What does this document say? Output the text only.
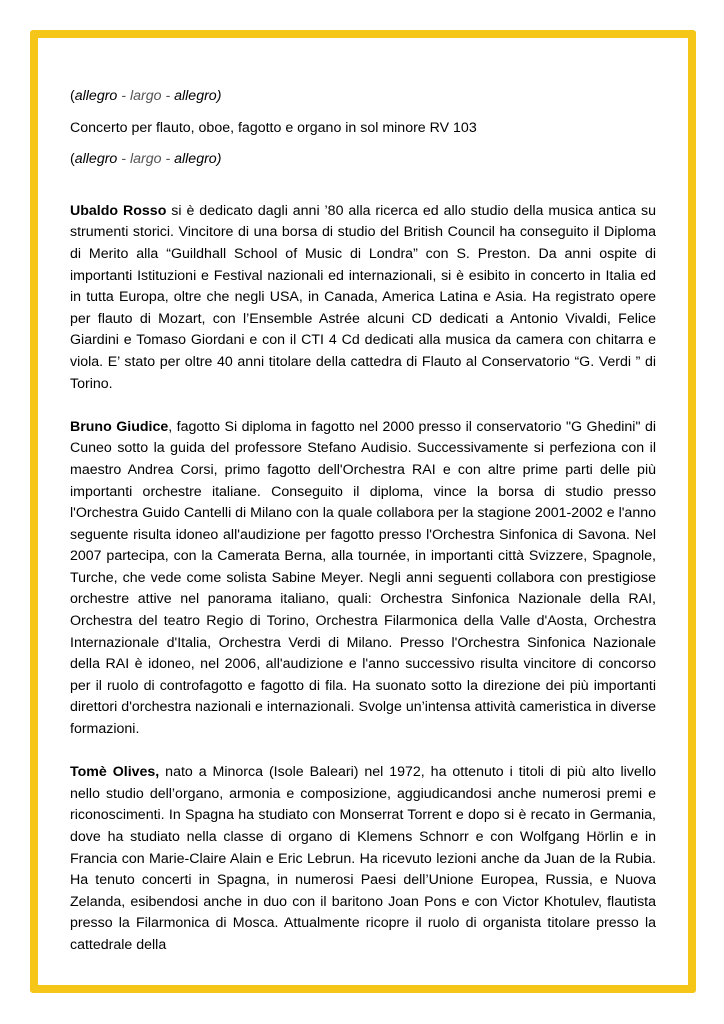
(allegro - largo - allegro)

Concerto per flauto, oboe, fagotto e organo in sol minore RV 103

(allegro - largo - allegro)

Ubaldo Rosso si è dedicato dagli anni ’80 alla ricerca ed allo studio della musica antica su strumenti storici. Vincitore di una borsa di studio del British Council ha conseguito il Diploma di Merito alla “Guildhall School of Music di Londra” con S. Preston. Da anni ospite di importanti Istituzioni e Festival nazionali ed internazionali, si è esibito in concerto in Italia ed in tutta Europa, oltre che negli USA, in Canada, America Latina e Asia. Ha registrato opere per flauto di Mozart, con l’Ensemble Astrée alcuni CD dedicati a Antonio Vivaldi, Felice Giardini e Tomaso Giordani e con il CTI 4 Cd dedicati alla musica da camera con chitarra e viola. E’ stato per oltre 40 anni titolare della cattedra di Flauto al Conservatorio “G. Verdi ” di Torino.

Bruno Giudice, fagotto Si diploma in fagotto nel 2000 presso il conservatorio "G Ghedini" di Cuneo sotto la guida del professore Stefano Audisio. Successivamente si perfeziona con il maestro Andrea Corsi, primo fagotto dell'Orchestra RAI e con altre prime parti delle più importanti orchestre italiane. Conseguito il diploma, vince la borsa di studio presso l'Orchestra Guido Cantelli di Milano con la quale collabora per la stagione 2001-2002 e l'anno seguente risulta idoneo all'audizione per fagotto presso l'Orchestra Sinfonica di Savona. Nel 2007 partecipa, con la Camerata Berna, alla tournée, in importanti città Svizzere, Spagnole, Turche, che vede come solista Sabine Meyer. Negli anni seguenti collabora con prestigiose orchestre attive nel panorama italiano, quali: Orchestra Sinfonica Nazionale della RAI, Orchestra del teatro Regio di Torino, Orchestra Filarmonica della Valle d'Aosta, Orchestra Internazionale d'Italia, Orchestra Verdi di Milano. Presso l'Orchestra Sinfonica Nazionale della RAI è idoneo, nel 2006, all'audizione e l'anno successivo risulta vincitore di concorso per il ruolo di controfagotto e fagotto di fila. Ha suonato sotto la direzione dei più importanti direttori d'orchestra nazionali e internazionali. Svolge un’intensa attività cameristica in diverse formazioni.

Tomè Olives, nato a Minorca (Isole Baleari) nel 1972, ha ottenuto i titoli di più alto livello nello studio dell’organo, armonia e composizione, aggiudicandosi anche numerosi premi e riconoscimenti. In Spagna ha studiato con Monserrat Torrent e dopo si è recato in Germania, dove ha studiato nella classe di organo di Klemens Schnorr e con Wolfgang Hörlin e in Francia con Marie-Claire Alain e Eric Lebrun. Ha ricevuto lezioni anche da Juan de la Rubia. Ha tenuto concerti in Spagna, in numerosi Paesi dell’Unione Europea, Russia, e Nuova Zelanda, esibendosi anche in duo con il baritono Joan Pons e con Victor Khotulev, flautista presso la Filarmonica di Mosca. Attualmente ricopre il ruolo di organista titolare presso la cattedrale della
